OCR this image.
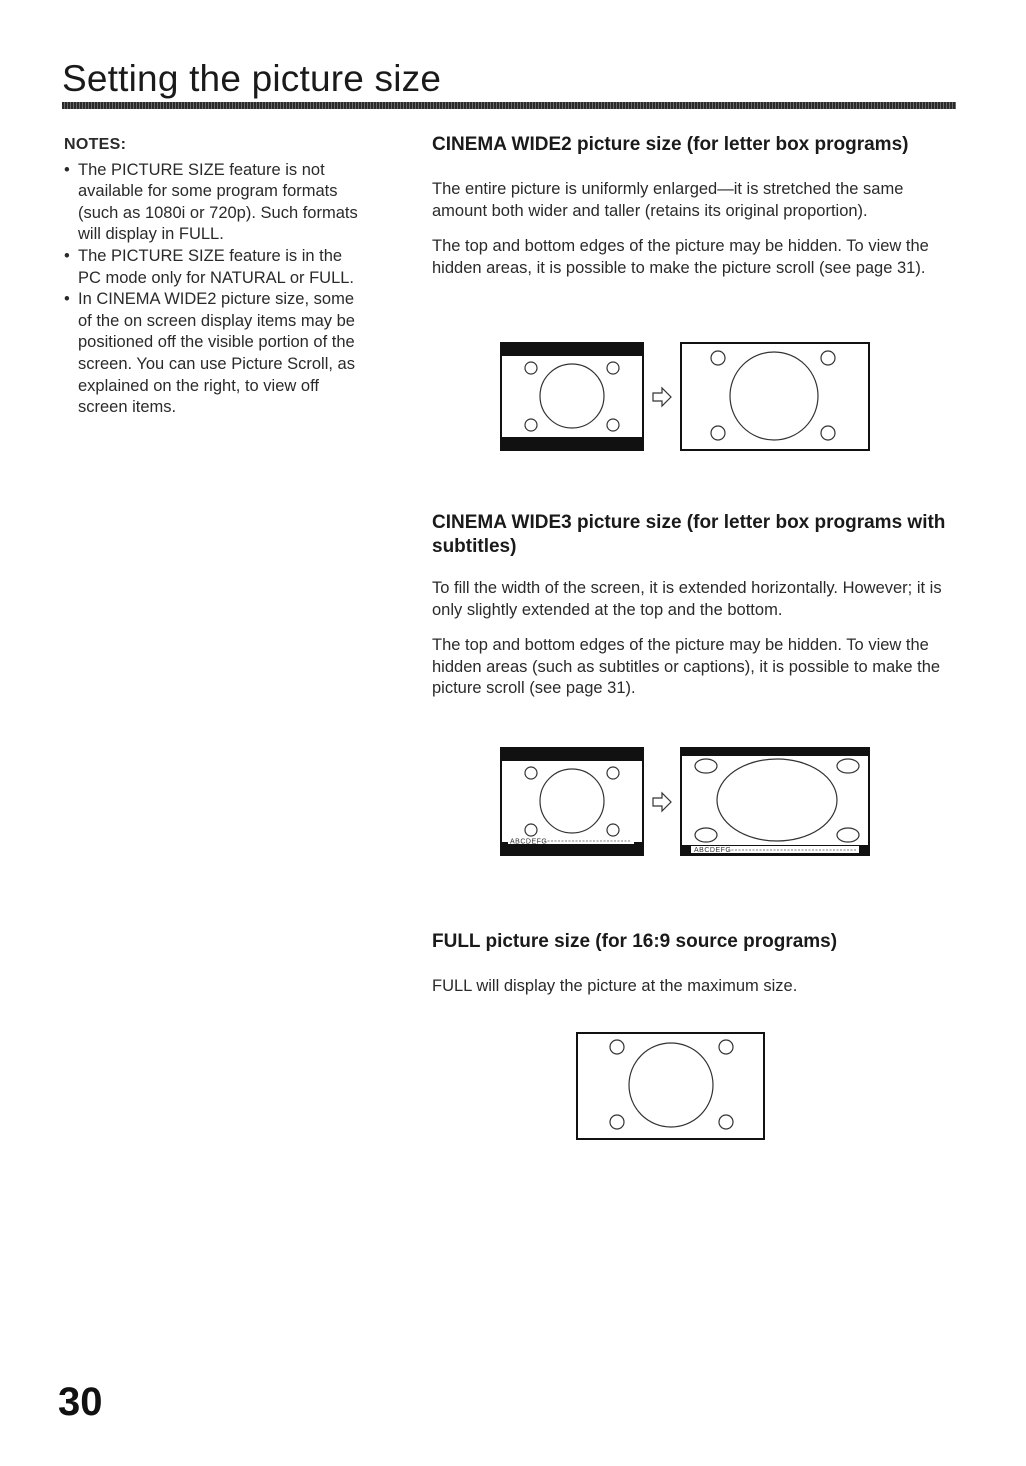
Setting the picture size
NOTES:
• The PICTURE SIZE feature is not available for some program formats (such as 1080i or 720p). Such formats will display in FULL.
• The PICTURE SIZE feature is in the PC mode only for NATURAL or FULL.
• In CINEMA WIDE2 picture size, some of the on screen display items may be positioned off the visible portion of the screen. You can use Picture Scroll, as explained on the right, to view off screen items.
CINEMA WIDE2 picture size (for letter box programs)

The entire picture is uniformly enlarged—it is stretched the same amount both wider and taller (retains its original proportion).

The top and bottom edges of the picture may be hidden. To view the hidden areas, it is possible to make the picture scroll (see page 31).

CINEMA WIDE3 picture size (for letter box programs with subtitles)

To fill the width of the screen, it is extended horizontally. However; it is only slightly extended at the top and the bottom.

The top and bottom edges of the picture may be hidden. To view the hidden areas (such as subtitles or captions), it is possible to make the picture scroll (see page 31).

ABCDEFG
ABCDEFG
FULL picture size (for 16:9 source programs)

FULL will display the picture at the maximum size.

30
